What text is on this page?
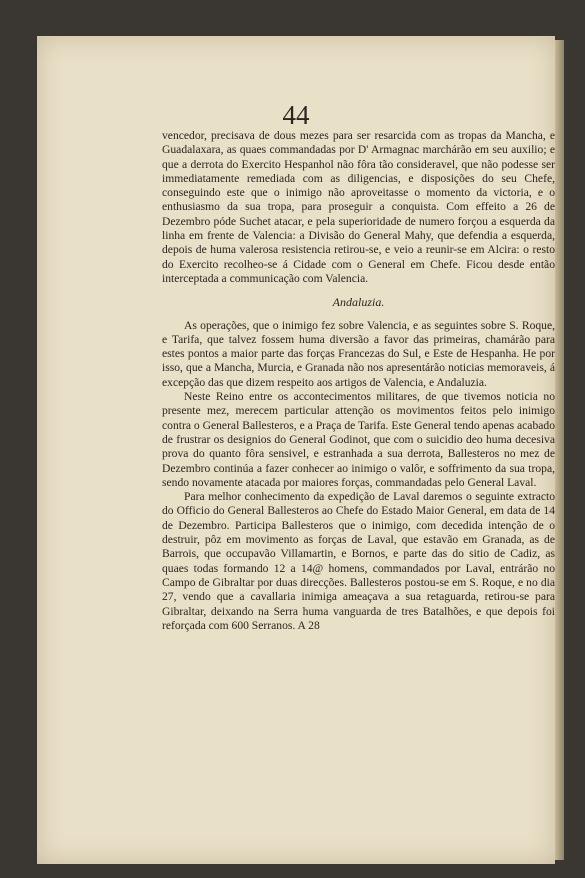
44

vencedor, precisava de dous mezes para ser resarcida com as tropas da Mancha, e Guadalaxara, as quaes commandadas por D' Armagnac marchárão em seu auxilio; e que a derrota do Exercito Hespanhol não fôra tão consideravel, que não podesse ser immediatamente remediada com as diligencias, e disposições do seu Chefe, conseguindo este que o inimigo não aproveitasse o momento da victoria, e o enthusiasmo da sua tropa, para proseguir a conquista. Com effeito a 26 de Dezembro póde Suchet atacar, e pela superioridade de numero forçou a esquerda da linha em frente de Valencia: a Divisão do General Mahy, que defendia a esquerda, depois de huma valerosa resistencia retirou-se, e veio a reunir-se em Alcira: o resto do Exercito recolheo-se á Cidade com o General em Chefe. Ficou desde então interceptada a communicação com Valencia.

Andaluzia.

As operações, que o inimigo fez sobre Valencia, e as seguintes sobre S. Roque, e Tarifa, que talvez fossem huma diversão a favor das primeiras, chamárão para estes pontos a maior parte das forças Francezas do Sul, e Este de Hespanha. He por isso, que a Mancha, Murcia, e Granada não nos apresentárão noticias memoraveis, á excepção das que dizem respeito aos artigos de Valencia, e Andaluzia.

Neste Reino entre os accontecimentos militares, de que tivemos noticia no presente mez, merecem particular attenção os movimentos feitos pelo inimigo contra o General Ballesteros, e a Praça de Tarifa. Este General tendo apenas acabado de frustrar os designios do General Godinot, que com o suicidio deo huma decesiva prova do quanto fôra sensivel, e estranhada a sua derrota, Ballesteros no mez de Dezembro continúa a fazer conhecer ao inimigo o valôr, e soffrimento da sua tropa, sendo novamente atacada por maiores forças, commandadas pelo General Laval.

Para melhor conhecimento da expedição de Laval daremos o seguinte extracto do Officio do General Ballesteros ao Chefe do Estado Maior General, em data de 14 de Dezembro. Participa Ballesteros que o inimigo, com decedida intenção de o destruir, pôz em movimento as forças de Laval, que estavão em Granada, as de Barrois, que occupavão Villamartin, e Bornos, e parte das do sitio de Cadiz, as quaes todas formando 12 a 14@ homens, commandados por Laval, entrárão no Campo de Gibraltar por duas direcções. Ballesteros postou-se em S. Roque, e no dia 27, vendo que a cavallaria inimiga ameaçava a sua retaguarda, retirou-se para Gibraltar, deixando na Serra huma vanguarda de tres Batalhões, e que depois foi reforçada com 600 Serranos. A 28
